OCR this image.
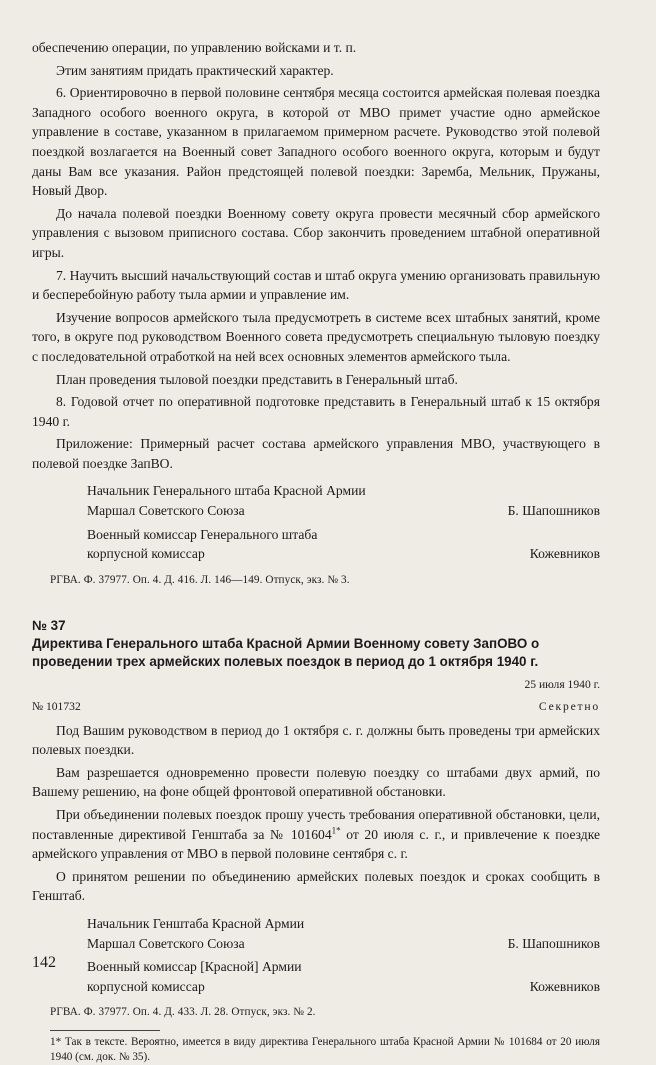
обеспечению операции, по управлению войсками и т. п.

Этим занятиям придать практический характер.

6. Ориентировочно в первой половине сентября месяца состоится армейская полевая поездка Западного особого военного округа, в которой от МВО примет участие одно армейское управление в составе, указанном в прилагаемом примерном расчете. Руководство этой полевой поездкой возлагается на Военный совет Западного особого военного округа, которым и будут даны Вам все указания. Район предстоящей полевой поездки: Заремба, Мельник, Пружаны, Новый Двор.

До начала полевой поездки Военному совету округа провести месячный сбор армейского управления с вызовом приписного состава. Сбор закончить проведением штабной оперативной игры.

7. Научить высший начальствующий состав и штаб округа умению организовать правильную и бесперебойную работу тыла армии и управление им.

Изучение вопросов армейского тыла предусмотреть в системе всех штабных занятий, кроме того, в округе под руководством Военного совета предусмотреть специальную тыловую поездку с последовательной отработкой на ней всех основных элементов армейского тыла.

План проведения тыловой поездки представить в Генеральный штаб.

8. Годовой отчет по оперативной подготовке представить в Генеральный штаб к 15 октября 1940 г.

Приложение: Примерный расчет состава армейского управления МВО, участвующего в полевой поездке ЗапВО.

Начальник Генерального штаба Красной Армии

Маршал Советского Союза	Б. Шапошников

Военный комиссар Генерального штаба

корпусной комиссар	Кожевников

РГВА. Ф. 37977. Оп. 4. Д. 416. Л. 146—149. Отпуск, экз. № 3.

№ 37

Директива Генерального штаба Красной Армии Военному совету ЗапОВО о проведении трех армейских полевых поездок в период до 1 октября 1940 г.

25 июля 1940 г.
№ 101732	Секретно

Под Вашим руководством в период до 1 октября с. г. должны быть проведены три армейских полевых поездки.

Вам разрешается одновременно провести полевую поездку со штабами двух армий, по Вашему решению, на фоне общей фронтовой оперативной обстановки.

При объединении полевых поездок прошу учесть требования оперативной обстановки, цели, поставленные директивой Генштаба за № $101604^{1*}$ от 20 июля с. г., и привлечение к поездке армейского управления от МВО в первой половине сентября с. г.

О принятом решении по объединению армейских полевых поездок и сроках сообщить в Генштаб.

Начальник Генштаба Красной Армии

Маршал Советского Союза	Б. Шапошников

Военный комиссар [Красной] Армии

корпусной комиссар	Кожевников

РГВА. Ф. 37977. Оп. 4. Д. 433. Л. 28. Отпуск, экз. № 2.

1* Так в тексте. Вероятно, имеется в виду директива Генерального штаба Красной Армии № 101684 от 20 июля 1940 (см. док. № 35).

142
